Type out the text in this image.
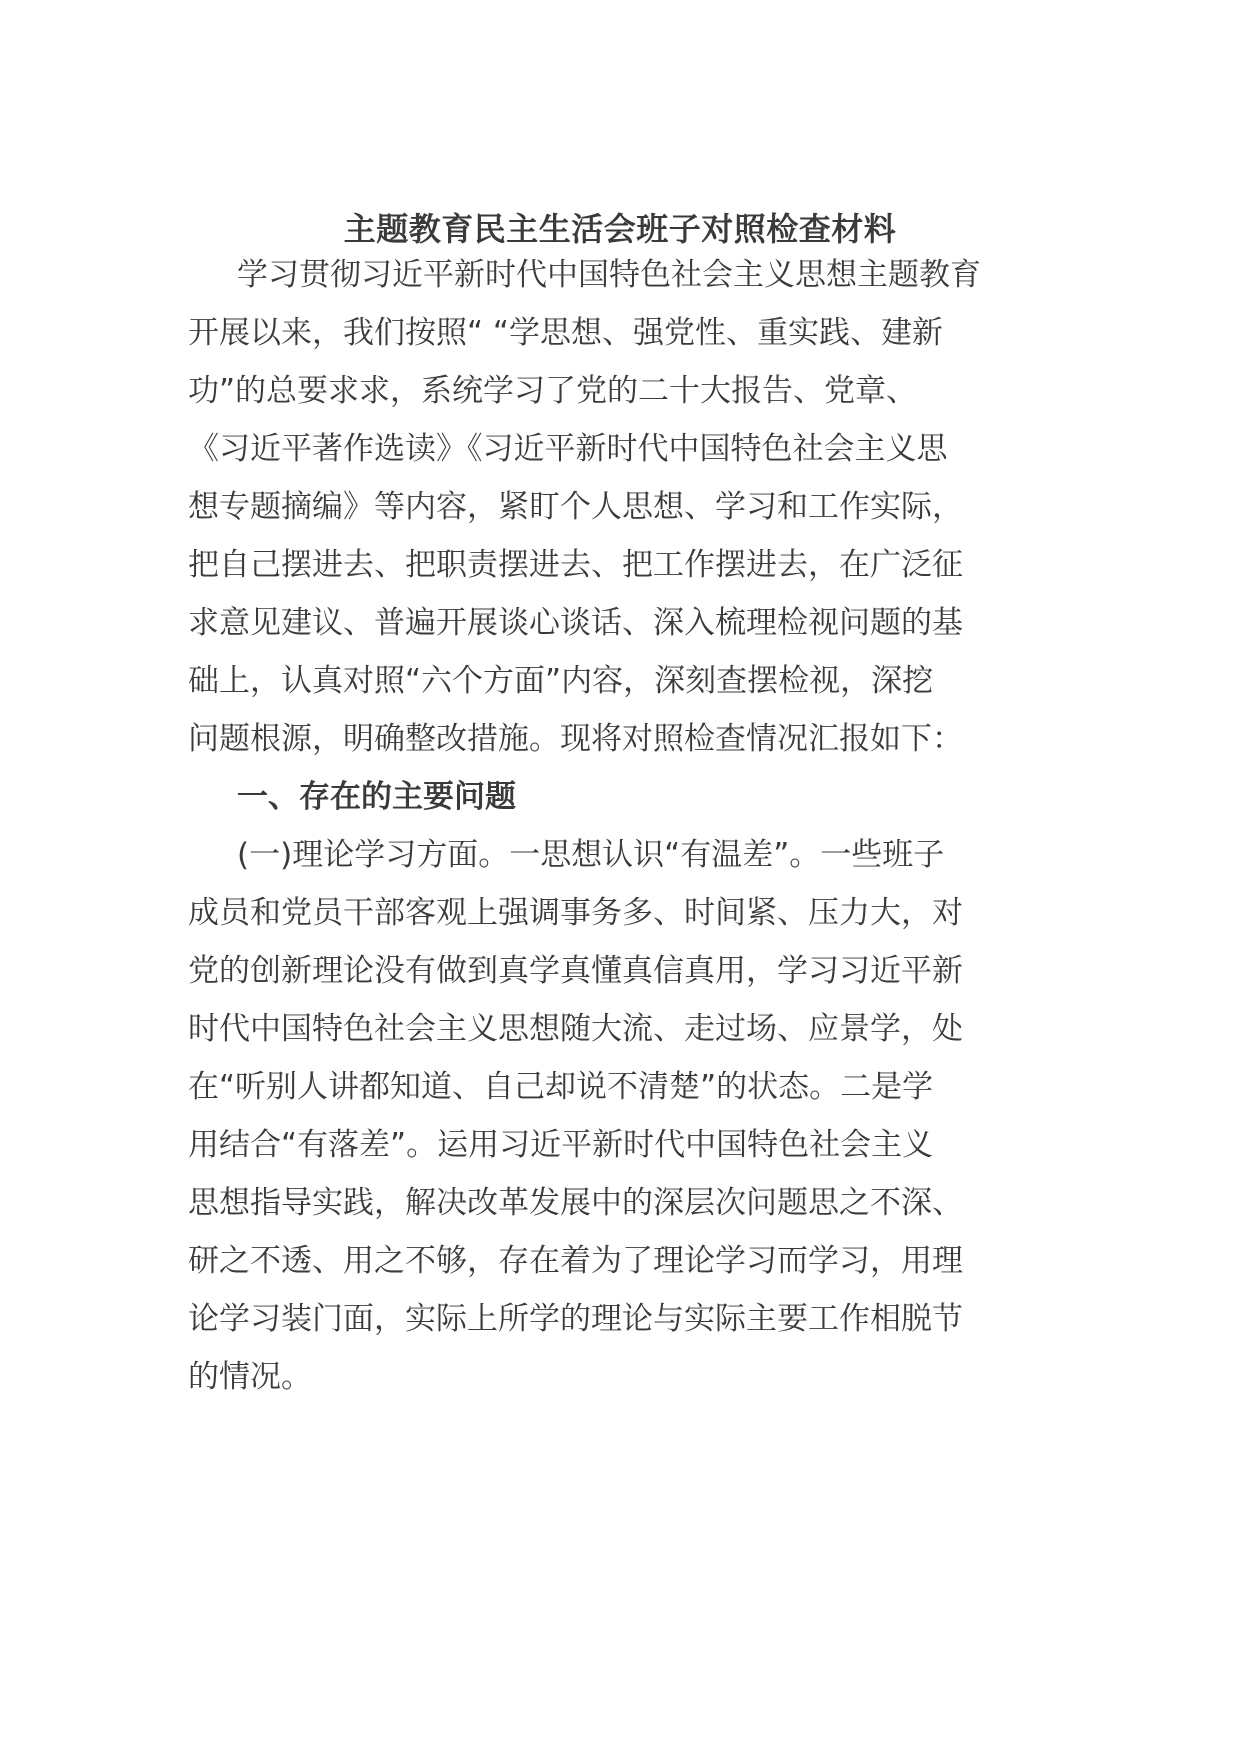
主题教育民主生活会班子对照检查材料

学习贯彻习近平新时代中国特色社会主义思想主题教育

开展以来，我们按照“ “学思想、强党性、重实践、建新

功”的总要求求，系统学习了党的二十大报告、党章、

《习近平著作选读》《习近平新时代中国特色社会主义思

想专题摘编》等内容，紧盯个人思想、学习和工作实际，

把自己摆进去、把职责摆进去、把工作摆进去，在广泛征

求意见建议、普遍开展谈心谈话、深入梳理检视问题的基

础上，认真对照“六个方面”内容，深刻查摆检视，深挖

问题根源，明确整改措施。现将对照检查情况汇报如下：

一、存在的主要问题

(一)理论学习方面。一思想认识“有温差”。一些班子

成员和党员干部客观上强调事务多、时间紧、压力大，对

党的创新理论没有做到真学真懂真信真用，学习习近平新

时代中国特色社会主义思想随大流、走过场、应景学，处

在“听别人讲都知道、自己却说不清楚”的状态。二是学

用结合“有落差”。运用习近平新时代中国特色社会主义

思想指导实践，解决改革发展中的深层次问题思之不深、

研之不透、用之不够，存在着为了理论学习而学习，用理

论学习装门面，实际上所学的理论与实际主要工作相脱节

的情况。
